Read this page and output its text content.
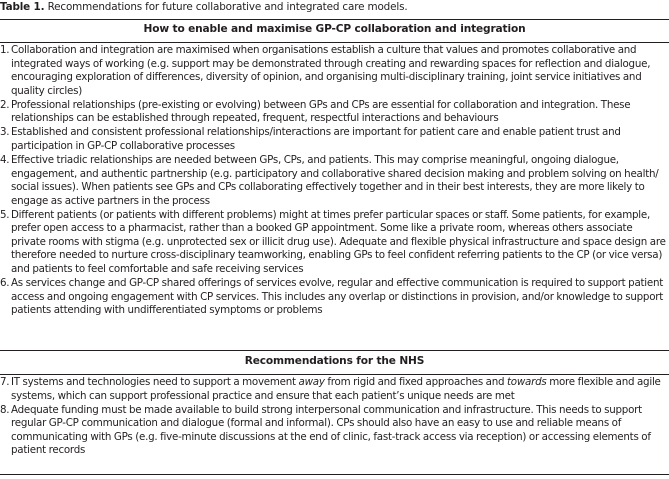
Table 1. Recommendations for future collaborative and integrated care models.
How to enable and maximise GP-CP collaboration and integration
1. Collaboration and integration are maximised when organisations establish a culture that values and promotes collaborative and integrated ways of working (e.g. support may be demonstrated through creating and rewarding spaces for reflection and dialogue, encouraging exploration of differences, diversity of opinion, and organising multi-disciplinary training, joint service initiatives and quality circles)
2. Professional relationships (pre-existing or evolving) between GPs and CPs are essential for collaboration and integration. These relationships can be established through repeated, frequent, respectful interactions and behaviours
3. Established and consistent professional relationships/interactions are important for patient care and enable patient trust and participation in GP-CP collaborative processes
4. Effective triadic relationships are needed between GPs, CPs, and patients. This may comprise meaningful, ongoing dialogue, engagement, and authentic partnership (e.g. participatory and collaborative shared decision making and problem solving on health/ social issues). When patients see GPs and CPs collaborating effectively together and in their best interests, they are more likely to engage as active partners in the process
5. Different patients (or patients with different problems) might at times prefer particular spaces or staff. Some patients, for example, prefer open access to a pharmacist, rather than a booked GP appointment. Some like a private room, whereas others associate private rooms with stigma (e.g. unprotected sex or illicit drug use). Adequate and flexible physical infrastructure and space design are therefore needed to nurture cross-disciplinary teamworking, enabling GPs to feel confident referring patients to the CP (or vice versa) and patients to feel comfortable and safe receiving services
6. As services change and GP-CP shared offerings of services evolve, regular and effective communication is required to support patient access and ongoing engagement with CP services. This includes any overlap or distinctions in provision, and/or knowledge to support patients attending with undifferentiated symptoms or problems
Recommendations for the NHS
7. IT systems and technologies need to support a movement away from rigid and fixed approaches and towards more flexible and agile systems, which can support professional practice and ensure that each patient’s unique needs are met
8. Adequate funding must be made available to build strong interpersonal communication and infrastructure. This needs to support regular GP-CP communication and dialogue (formal and informal). CPs should also have an easy to use and reliable means of communicating with GPs (e.g. five-minute discussions at the end of clinic, fast-track access via reception) or accessing elements of patient records
